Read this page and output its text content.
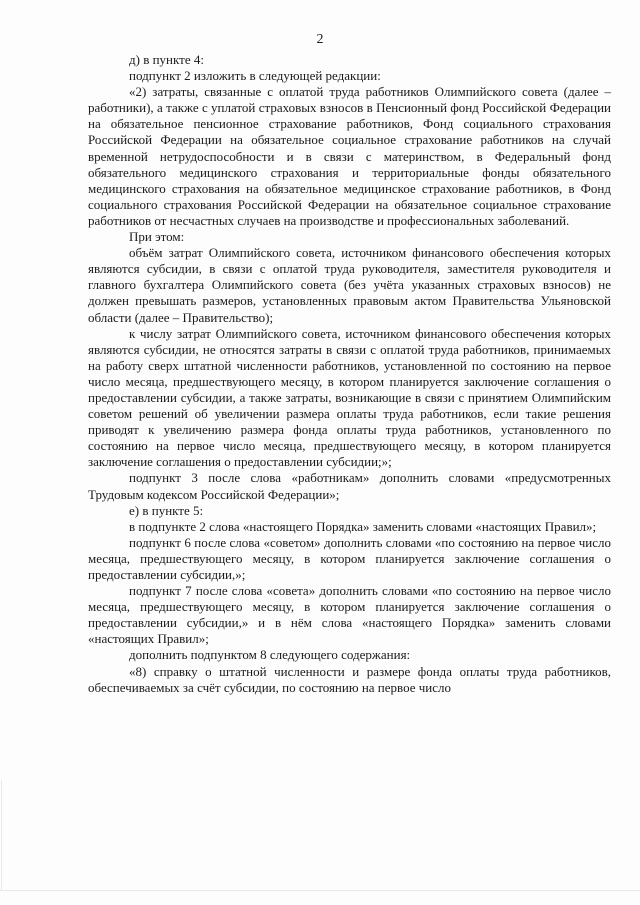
2

д) в пункте 4:

подпункт 2 изложить в следующей редакции:

«2) затраты, связанные с оплатой труда работников Олимпийского совета (далее – работники), а также с уплатой страховых взносов в Пенсионный фонд Российской Федерации на обязательное пенсионное страхование работников, Фонд социального страхования Российской Федерации на обязательное социальное страхование работников на случай временной нетрудоспособности и в связи с материнством, в Федеральный фонд обязательного медицинского страхования и территориальные фонды обязательного медицинского страхования на обязательное медицинское страхование работников, в Фонд социального страхования Российской Федерации на обязательное социальное страхование работников от несчастных случаев на производстве и профессиональных заболеваний.

При этом:

объём затрат Олимпийского совета, источником финансового обеспечения которых являются субсидии, в связи с оплатой труда руководителя, заместителя руководителя и главного бухгалтера Олимпийского совета (без учёта указанных страховых взносов) не должен превышать размеров, установленных правовым актом Правительства Ульяновской области (далее – Правительство);

к числу затрат Олимпийского совета, источником финансового обеспечения которых являются субсидии, не относятся затраты в связи с оплатой труда работников, принимаемых на работу сверх штатной численности работников, установленной по состоянию на первое число месяца, предшествующего месяцу, в котором планируется заключение соглашения о предоставлении субсидии, а также затраты, возникающие в связи с принятием Олимпийским советом решений об увеличении размера оплаты труда работников, если такие решения приводят к увеличению размера фонда оплаты труда работников, установленного по состоянию на первое число месяца, предшествующего месяцу, в котором планируется заключение соглашения о предоставлении субсидии;»;

подпункт 3 после слова «работникам» дополнить словами «предусмотренных Трудовым кодексом Российской Федерации»;

е) в пункте 5:

в подпункте 2 слова «настоящего Порядка» заменить словами «настоящих Правил»;

подпункт 6 после слова «советом» дополнить словами «по состоянию на первое число месяца, предшествующего месяцу, в котором планируется заключение соглашения о предоставлении субсидии,»;

подпункт 7 после слова «совета» дополнить словами «по состоянию на первое число месяца, предшествующего месяцу, в котором планируется заключение соглашения о предоставлении субсидии,» и в нём слова «настоящего Порядка» заменить словами «настоящих Правил»;

дополнить подпунктом 8 следующего содержания:

«8) справку о штатной численности и размере фонда оплаты труда работников, обеспечиваемых за счёт субсидии, по состоянию на первое число
